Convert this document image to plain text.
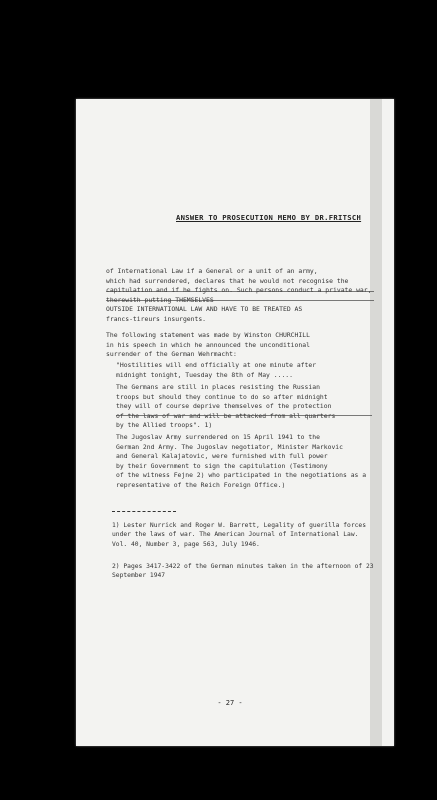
ANSWER TO PROSECUTION MEMO BY DR.FRITSCH
of International Law if a General or a unit of an army,
which had surrendered, declares that he would not recognise the
OUTSIDE INTERNATIONAL LAW AND HAVE TO BE TREATED AS
francs-tireurs insurgents.
The following statement was made by Winston CHURCHILL
in his speech in which he announced the unconditional
surrender of the German Wehrmacht:
"Hostilities will end officially at one minute after
midnight tonight, Tuesday the 8th of May .....
The Germans are still in places resisting the Russian
troops but should they continue to do so after midnight
they will of course deprive themselves of the protection

by the Allied troops". 1)
The Jugoslav Army surrendered on 15 April 1941 to the
German 2nd Army. The Jugoslav negotiator, Minister Markovic
and General Kalajatovic, were furnished with full power
by their Government to sign the capitulation (Testimony
of the witness Fejne 2) who participated in the negotiations as a representative of the Reich Foreign Office.)
1) Lester Nurrick and Roger W. Barrett, Legality of guerilla forces under the laws of war. The American Journal of International Law. Vol. 40, Number 3, page 563, July 1946.
2) Pages 3417-3422 of the German minutes taken in the afternoon of 23 September 1947
- 27 -
